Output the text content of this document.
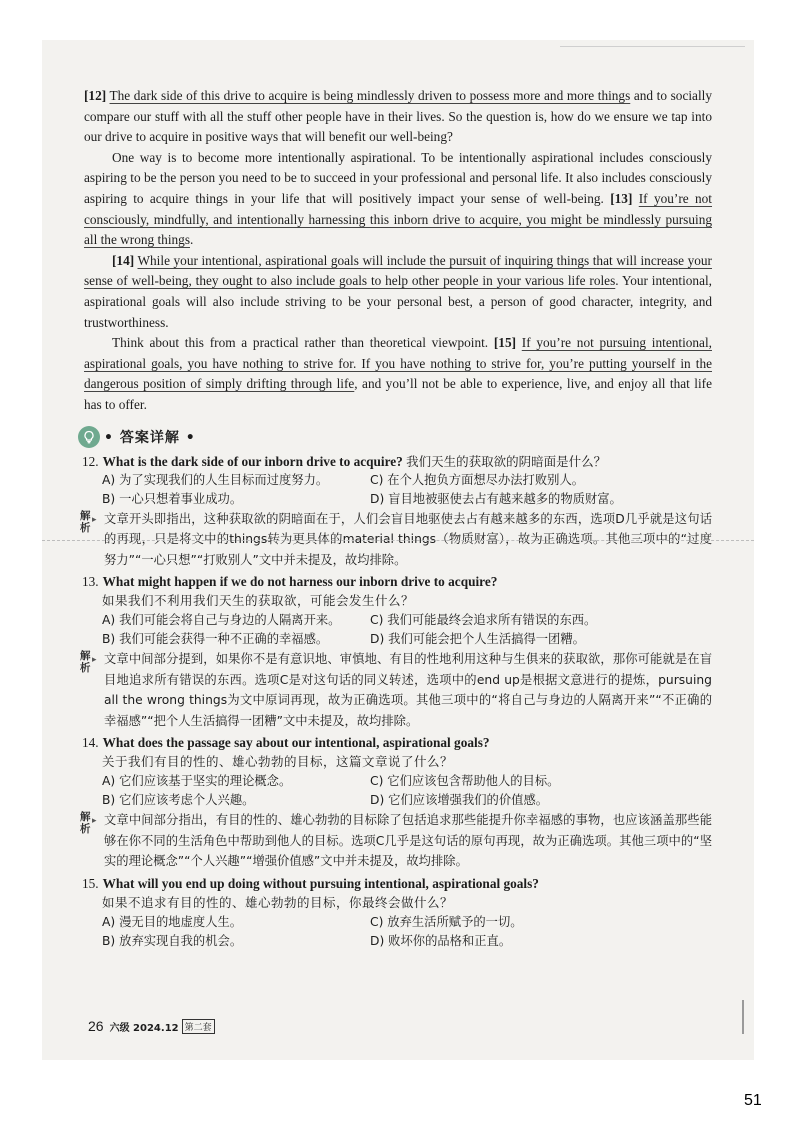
[12] The dark side of this drive to acquire is being mindlessly driven to possess more and more things and to socially compare our stuff with all the stuff other people have in their lives. So the question is, how do we ensure we tap into our drive to acquire in positive ways that will benefit our well-being?

One way is to become more intentionally aspirational. To be intentionally aspirational includes consciously aspiring to be the person you need to be to succeed in your professional and personal life. It also includes consciously aspiring to acquire things in your life that will positively impact your sense of well-being. [13] If you’re not consciously, mindfully, and intentionally harnessing this inborn drive to acquire, you might be mindlessly pursuing all the wrong things.

[14] While your intentional, aspirational goals will include the pursuit of inquiring things that will increase your sense of well-being, they ought to also include goals to help other people in your various life roles. Your intentional, aspirational goals will also include striving to be your personal best, a person of good character, integrity, and trustworthiness.

Think about this from a practical rather than theoretical viewpoint. [15] If you’re not pursuing intentional, aspirational goals, you have nothing to strive for. If you have nothing to strive for, you’re putting yourself in the dangerous position of simply drifting through life, and you’ll not be able to experience, live, and enjoy all that life has to offer.

• 答案详解 •
12. What is the dark side of our inborn drive to acquire? 我们天生的获取欲的阴暗面是什么？
A) 为了实现我们的人生目标而过度努力。	C) 在个人抱负方面想尽办法打败别人。
B) 一心只想着事业成功。	D) 盲目地被驱使去占有越来越多的物质财富。
解析
▸ 文章开头即指出，这种获取欲的阴暗面在于，人们会盲目地驱使去占有越来越多的东西，选项D几乎就是这句话的再现，只是将文中的things转为更具体的material things（物质财富），故为正确选项。其他三项中的“过度努力”“一心只想”“打败别人”文中并未提及，故均排除。
13. What might happen if we do not harness our inborn drive to acquire?
如果我们不利用我们天生的获取欲，可能会发生什么？
A) 我们可能会将自己与身边的人隔离开来。	C) 我们可能最终会追求所有错误的东西。
B) 我们可能会获得一种不正确的幸福感。	D) 我们可能会把个人生活搞得一团糟。
解析
▸ 文章中间部分提到，如果你不是有意识地、审慎地、有目的性地利用这种与生俱来的获取欲，那你可能就是在盲目地追求所有错误的东西。选项C是对这句话的同义转述，选项中的end up是根据文意进行的提炼，pursuing all the wrong things为文中原词再现，故为正确选项。其他三项中的“将自己与身边的人隔离开来”“不正确的幸福感”“把个人生活搞得一团糟”文中未提及，故均排除。
14. What does the passage say about our intentional, aspirational goals?
关于我们有目的性的、雄心勃勃的目标，这篇文章说了什么？
A) 它们应该基于坚实的理论概念。	C) 它们应该包含帮助他人的目标。
B) 它们应该考虑个人兴趣。	D) 它们应该增强我们的价值感。
解析
▸ 文章中间部分指出，有目的性的、雄心勃勃的目标除了包括追求那些能提升你幸福感的事物，也应该涵盖那些能够在你不同的生活角色中帮助到他人的目标。选项C几乎是这句话的原句再现，故为正确选项。其他三项中的“坚实的理论概念”“个人兴趣”“增强价值感”文中并未提及，故均排除。
15. What will you end up doing without pursuing intentional, aspirational goals?
如果不追求有目的性的、雄心勃勃的目标，你最终会做什么？
A) 漫无目的地虚度人生。	C) 放弃生活所赋予的一切。
B) 放弃实现自我的机会。	D) 败坏你的品格和正直。
26 六级 2024.12 第二套
51
